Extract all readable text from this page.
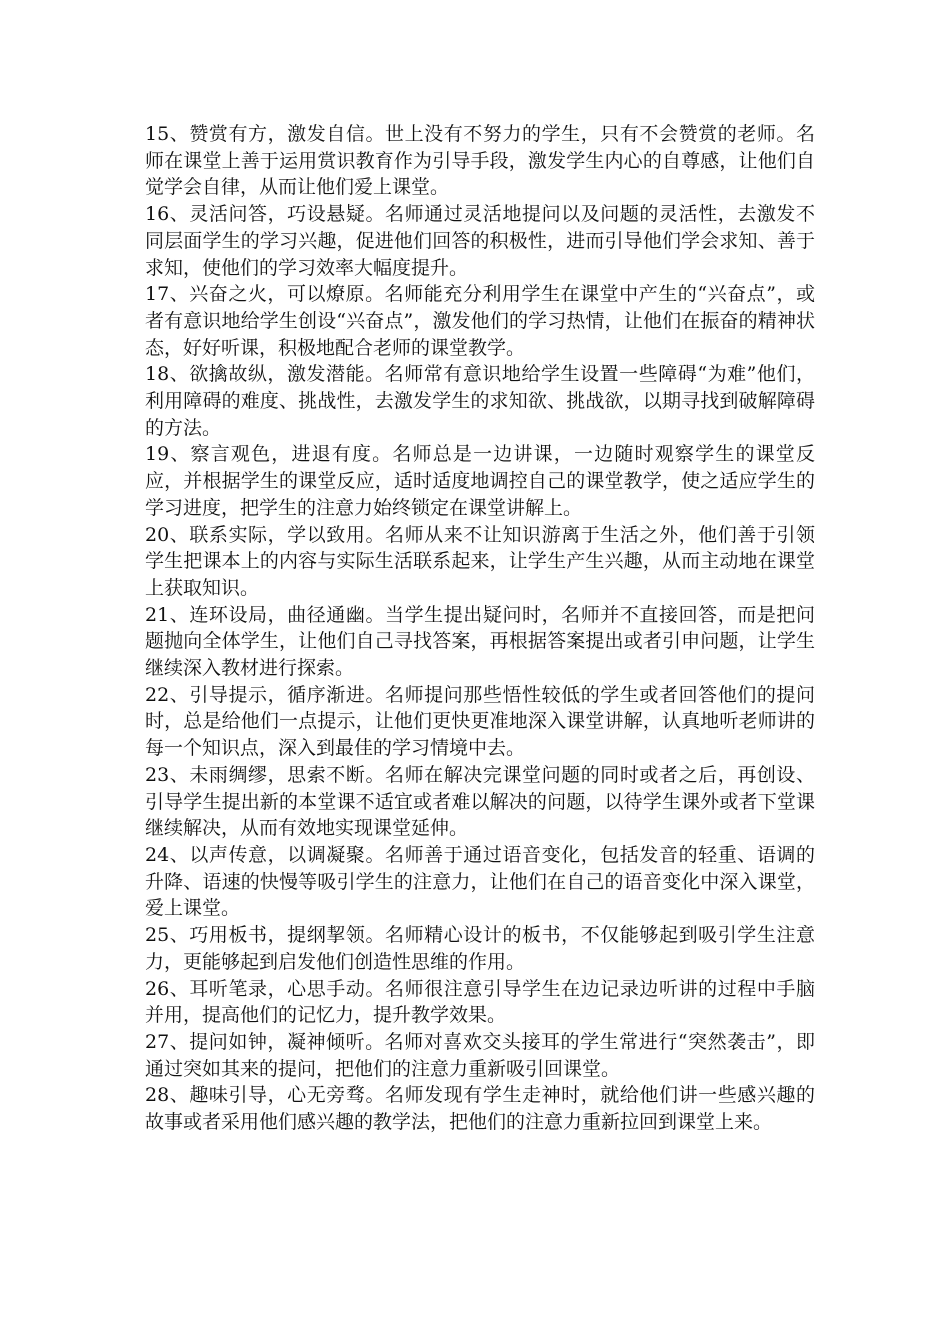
15、赞赏有方，激发自信。世上没有不努力的学生，只有不会赞赏的老师。名师在课堂上善于运用赏识教育作为引导手段，激发学生内心的自尊感，让他们自觉学会自律，从而让他们爱上课堂。

16、灵活问答，巧设悬疑。名师通过灵活地提问以及问题的灵活性，去激发不同层面学生的学习兴趣，促进他们回答的积极性，进而引导他们学会求知、善于求知，使他们的学习效率大幅度提升。

17、兴奋之火，可以燎原。名师能充分利用学生在课堂中产生的“兴奋点”，或者有意识地给学生创设“兴奋点”，激发他们的学习热情，让他们在振奋的精神状态，好好听课，积极地配合老师的课堂教学。

18、欲擒故纵，激发潜能。名师常有意识地给学生设置一些障碍“为难”他们，利用障碍的难度、挑战性，去激发学生的求知欲、挑战欲，以期寻找到破解障碍的方法。

19、察言观色，进退有度。名师总是一边讲课，一边随时观察学生的课堂反应，并根据学生的课堂反应，适时适度地调控自己的课堂教学，使之适应学生的学习进度，把学生的注意力始终锁定在课堂讲解上。

20、联系实际，学以致用。名师从来不让知识游离于生活之外，他们善于引领学生把课本上的内容与实际生活联系起来，让学生产生兴趣，从而主动地在课堂上获取知识。

21、连环设局，曲径通幽。当学生提出疑问时，名师并不直接回答，而是把问题抛向全体学生，让他们自己寻找答案，再根据答案提出或者引申问题，让学生继续深入教材进行探索。

22、引导提示，循序渐进。名师提问那些悟性较低的学生或者回答他们的提问时，总是给他们一点提示，让他们更快更准地深入课堂讲解，认真地听老师讲的每一个知识点，深入到最佳的学习情境中去。

23、未雨绸缪，思索不断。名师在解决完课堂问题的同时或者之后，再创设、引导学生提出新的本堂课不适宜或者难以解决的问题，以待学生课外或者下堂课继续解决，从而有效地实现课堂延伸。

24、以声传意，以调凝聚。名师善于通过语音变化，包括发音的轻重、语调的升降、语速的快慢等吸引学生的注意力，让他们在自己的语音变化中深入课堂，爱上课堂。

25、巧用板书，提纲挈领。名师精心设计的板书，不仅能够起到吸引学生注意力，更能够起到启发他们创造性思维的作用。

26、耳听笔录，心思手动。名师很注意引导学生在边记录边听讲的过程中手脑并用，提高他们的记忆力，提升教学效果。

27、提问如钟，凝神倾听。名师对喜欢交头接耳的学生常进行“突然袭击”，即通过突如其来的提问，把他们的注意力重新吸引回课堂。

28、趣味引导，心无旁骛。名师发现有学生走神时，就给他们讲一些感兴趣的故事或者采用他们感兴趣的教学法，把他们的注意力重新拉回到课堂上来。
